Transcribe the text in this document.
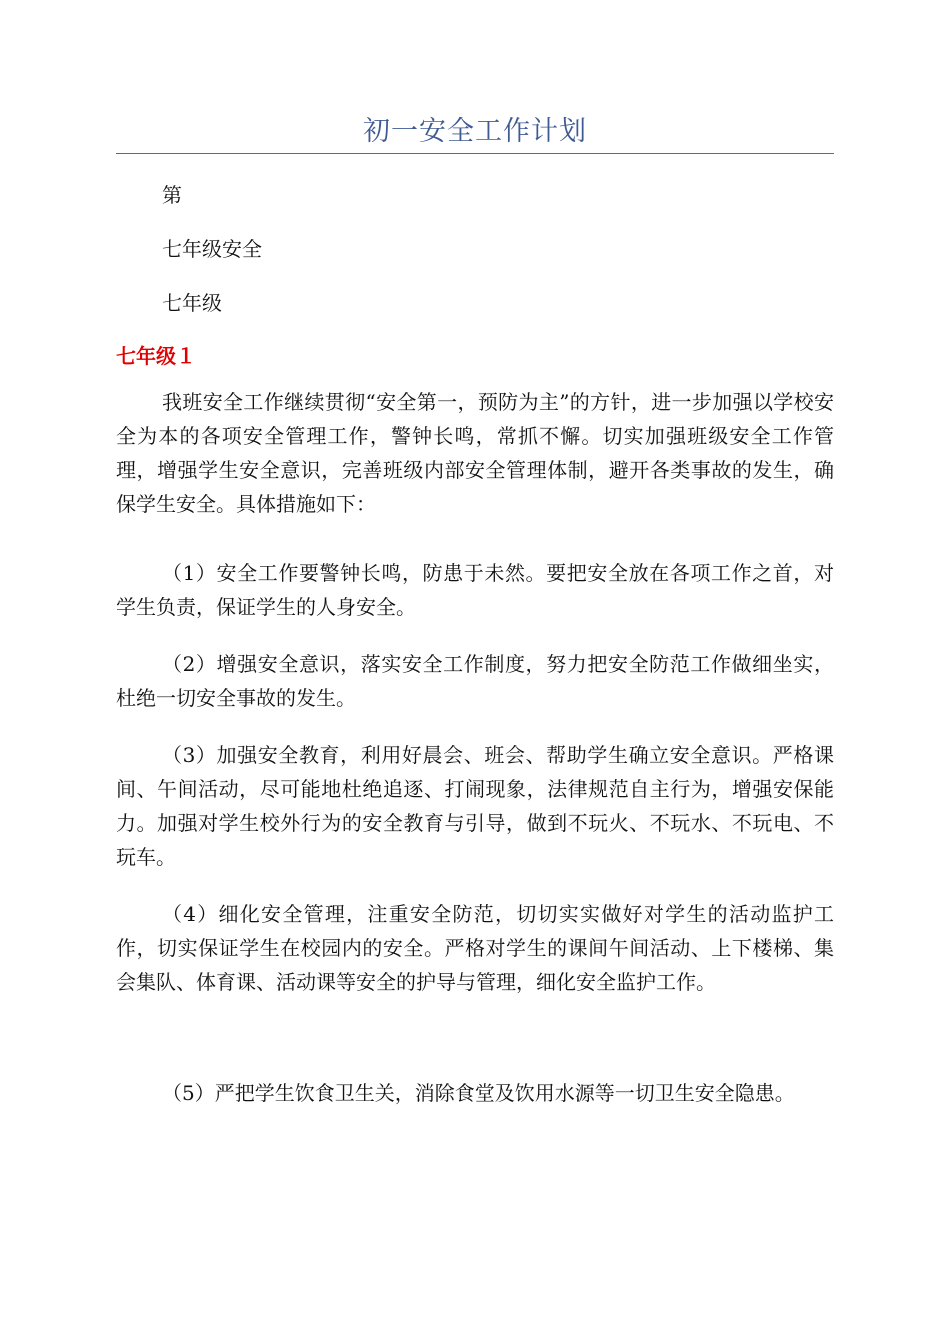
初一安全工作计划
第
七年级安全
七年级
七年级１

我班安全工作继续贯彻“安全第一，预防为主”的方针，进一步加强以学校安全为本的各项安全管理工作，警钟长鸣，常抓不懈。切实加强班级安全工作管理，增强学生安全意识，完善班级内部安全管理体制，避开各类事故的发生，确保学生安全。具体措施如下：

（1）安全工作要警钟长鸣，防患于未然。要把安全放在各项工作之首，对学生负责，保证学生的人身安全。

（2）增强安全意识，落实安全工作制度，努力把安全防范工作做细坐实，杜绝一切安全事故的发生。

（3）加强安全教育，利用好晨会、班会、帮助学生确立安全意识。严格课间、午间活动，尽可能地杜绝追逐、打闹现象，法律规范自主行为，增强安保能力。加强对学生校外行为的安全教育与引导，做到不玩火、不玩水、不玩电、不玩车。

（4）细化安全管理，注重安全防范，切切实实做好对学生的活动监护工作，切实保证学生在校园内的安全。严格对学生的课间午间活动、上下楼梯、集会集队、体育课、活动课等安全的护导与管理，细化安全监护工作。

（5）严把学生饮食卫生关，消除食堂及饮用水源等一切卫生安全隐患。
